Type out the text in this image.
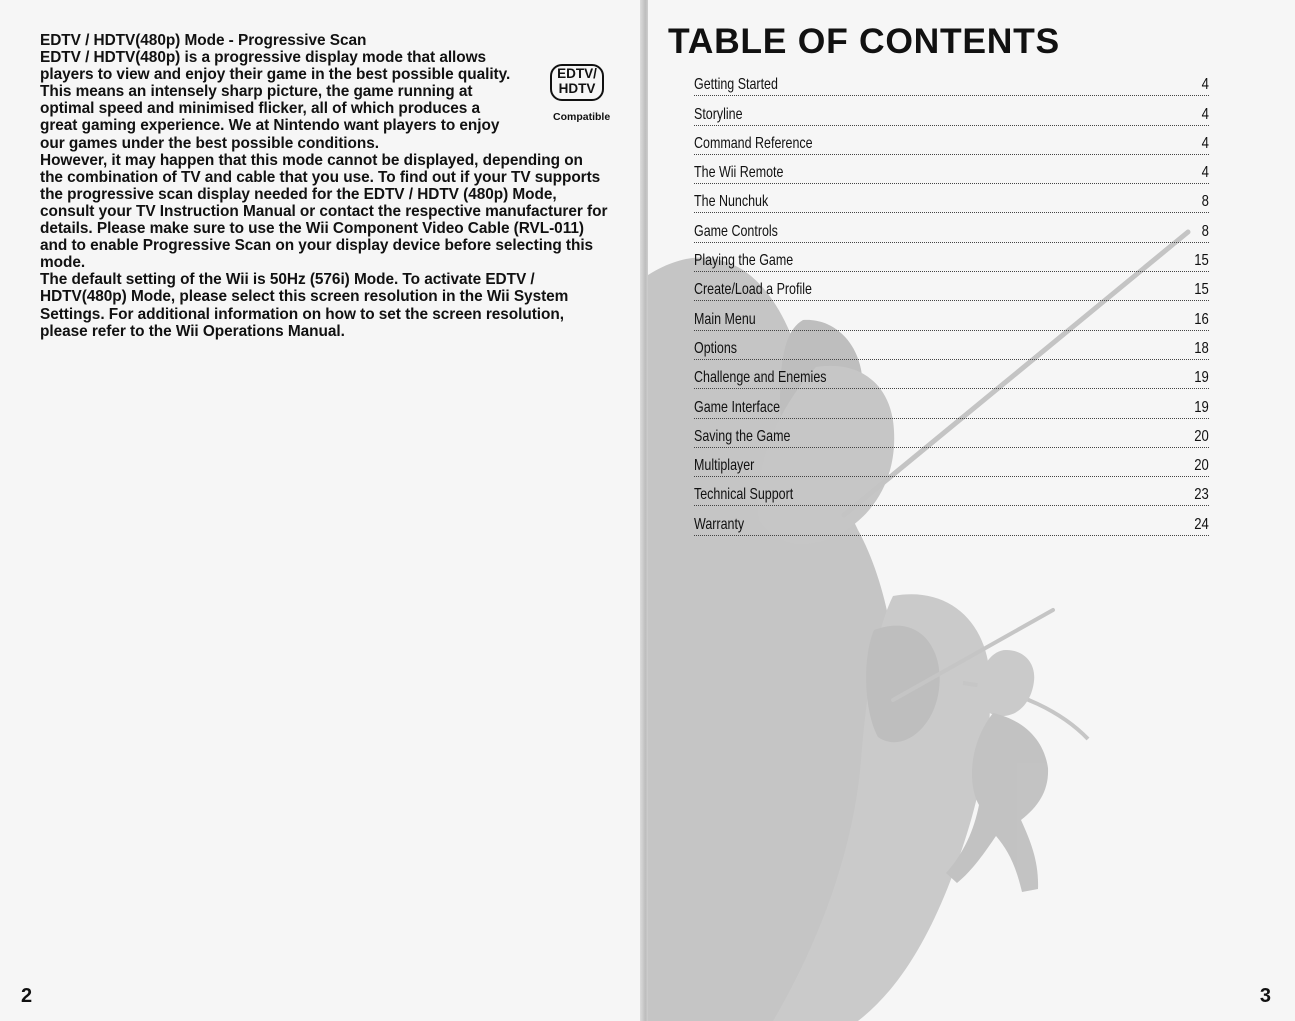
EDTV / HDTV(480p) Mode - Progressive Scan

EDTV / HDTV(480p) is a progressive display mode that allows players to view and enjoy their game in the best possible quality. This means an intensely sharp picture, the game running at optimal speed and minimised flicker, all of which produces a great gaming experience. We at Nintendo want players to enjoy our games under the best possible conditions.

However, it may happen that this mode cannot be displayed, depending on the combination of TV and cable that you use. To find out if your TV supports the progressive scan display needed for the EDTV / HDTV (480p) Mode, consult your TV Instruction Manual or contact the respective manufacturer for details. Please make sure to use the Wii Component Video Cable (RVL-011) and to enable Progressive Scan on your display device before selecting this mode.

The default setting of the Wii is 50Hz (576i) Mode. To activate EDTV / HDTV(480p) Mode, please select this screen resolution in the Wii System Settings. For additional information on how to set the screen resolution, please refer to the Wii Operations Manual.

EDTV/
HDTV
Compatible
2
TABLE OF CONTENTS
Getting Started	4
Storyline	4
Command Reference	4
The Wii Remote	4
The Nunchuk	8
Game Controls	8
Playing the Game	15
Create/Load a Profile	15
Main Menu	16
Options	18
Challenge and Enemies	19
Game Interface	19
Saving the Game	20
Multiplayer	20
Technical Support	23
Warranty	24
3
